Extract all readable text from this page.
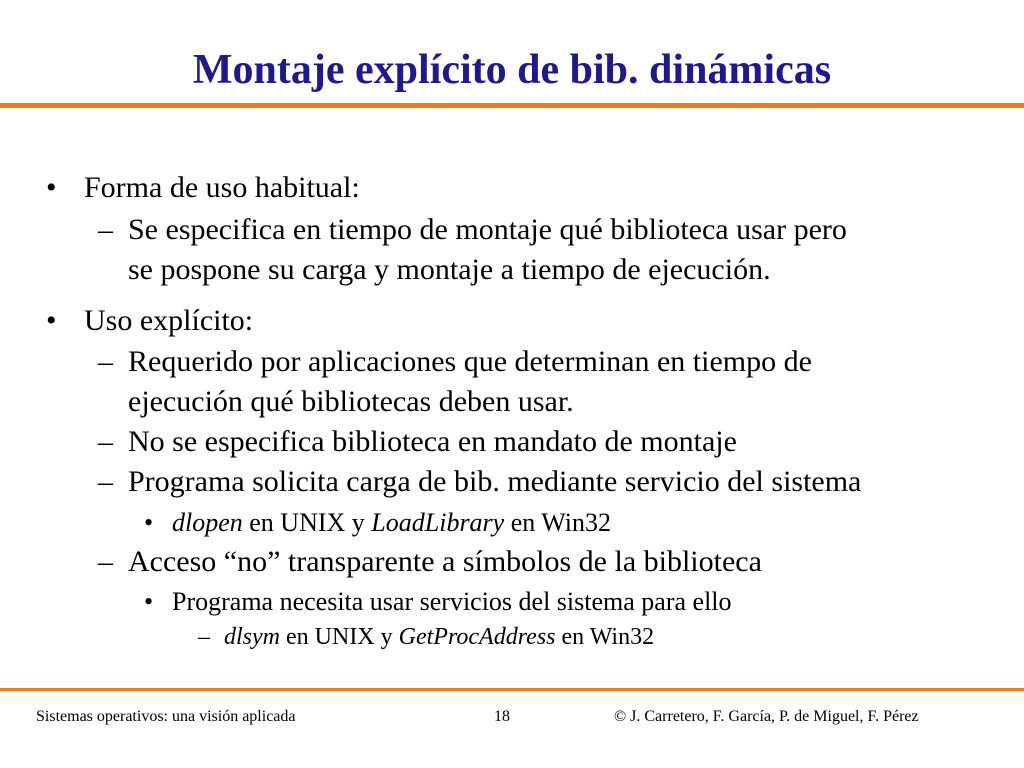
Montaje explícito de bib. dinámicas
• Forma de uso habitual:
– Se especifica en tiempo de montaje qué biblioteca usar pero
se pospone su carga y montaje a tiempo de ejecución.
• Uso explícito:
– Requerido por aplicaciones que determinan en tiempo de
ejecución qué bibliotecas deben usar.
– No se especifica biblioteca en mandato de montaje
– Programa solicita carga de bib. mediante servicio del sistema
• dlopen en UNIX y LoadLibrary en Win32
– Acceso “no” transparente a símbolos de la biblioteca
• Programa necesita usar servicios del sistema para ello
– dlsym en UNIX y GetProcAddress en Win32
Sistemas operativos: una visión aplicada	18	© J. Carretero, F. García, P. de Miguel, F. Pérez
